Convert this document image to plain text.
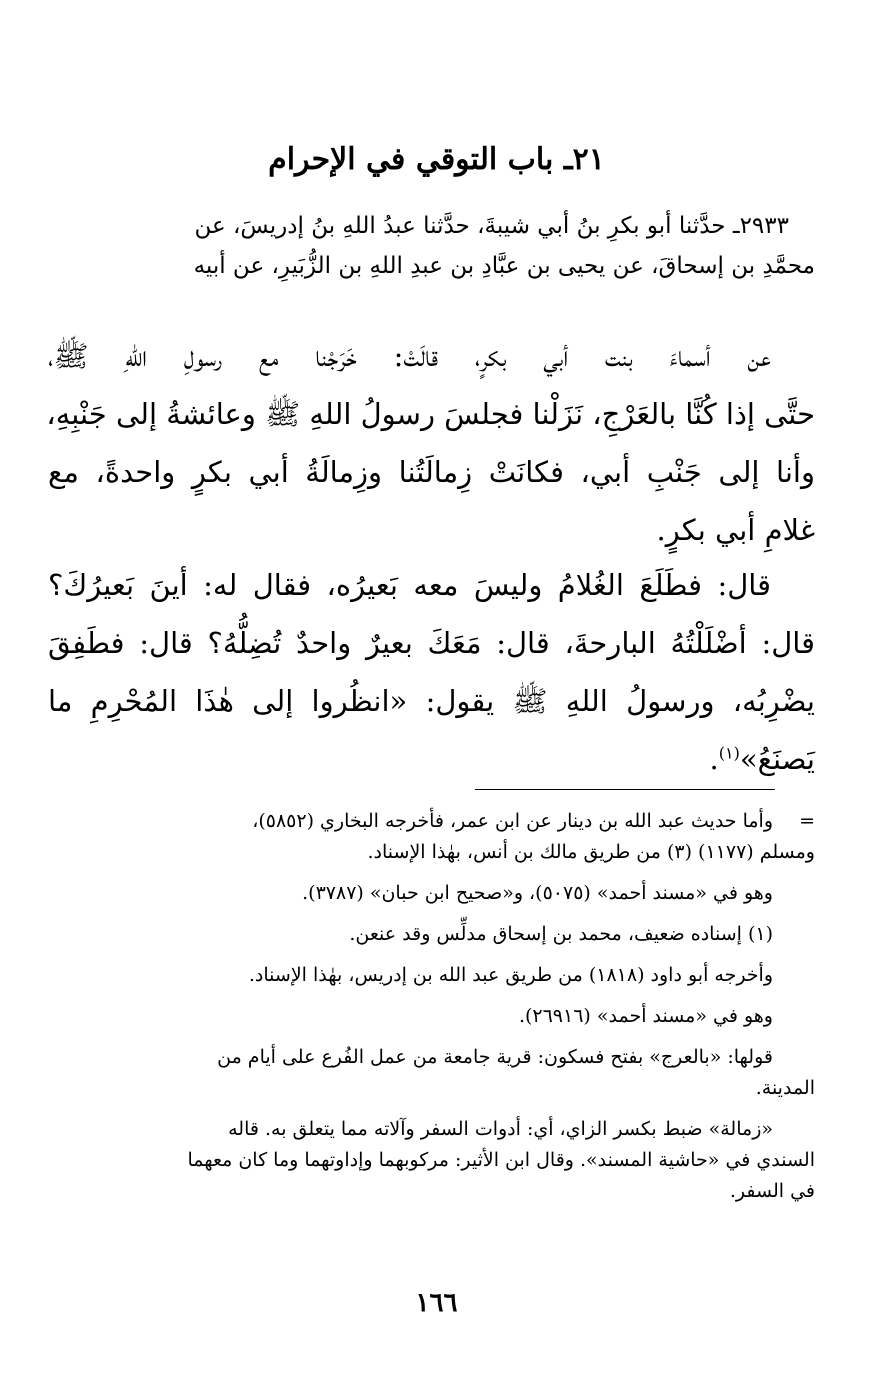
٢١ـ باب التوقي في الإحرام
٢٩٣٣ـ حدَّثنا أبو بكرِ بنُ أبي شيبةَ، حدَّثنا عبدُ اللهِ بنُ إدريسَ، عن
محمَّدِ بن إسحاقَ، عن يحيى بن عبَّادِ بن عبدِ اللهِ بن الزُّبَيرِ، عن أبيه
عن أسماءَ بنت أبي بكرٍ، قالَتْ: خَرَجْنا مع رسولِ اللهِ ﷺ،
حتَّى إذا كُنَّا بالعَرْجِ، نَزَلْنا فجلسَ رسولُ اللهِ ﷺ وعائشةُ إلى جَنْبِهِ،
وأنا إلى جَنْبِ أبي، فكانَتْ زِمالَتُنا وزِمالَةُ أبي بكرٍ واحدةً، مع
غلامِ أبي بكرٍ.
قال: فطَلَعَ الغُلامُ وليسَ معه بَعيرُه، فقال له: أينَ بَعيرُكَ؟
قال: أضْلَلْتُهُ البارحةَ، قال: مَعَكَ بعيرٌ واحدٌ تُضِلُّهُ؟ قال: فطَفِقَ
يضْرِبُه، ورسولُ اللهِ ﷺ يقول: «انظُروا إلى هٰذَا المُحْرِمِ ما
يَصنَعُ»$^{(١)}$.
=وأما حديث عبد الله بن دينار عن ابن عمر، فأخرجه البخاري (٥٨٥٢)،
ومسلم (١١٧٧) (٣) من طريق مالك بن أنس، بهٰذا الإسناد.
وهو في «مسند أحمد» (٥٠٧٥)، و«صحيح ابن حبان» (٣٧٨٧).
(١) إسناده ضعيف، محمد بن إسحاق مدلِّس وقد عنعن.
وأخرجه أبو داود (١٨١٨) من طريق عبد الله بن إدريس، بهٰذا الإسناد.
وهو في «مسند أحمد» (٢٦٩١٦).
قولها: «بالعرج» بفتح فسكون: قرية جامعة من عمل الفُرع على أيام من
المدينة.
«زمالة» ضبط بكسر الزاي، أي: أدوات السفر وآلاته مما يتعلق به. قاله
السندي في «حاشية المسند». وقال ابن الأثير: مركوبهما وإداوتهما وما كان معهما
في السفر.
١٦٦
